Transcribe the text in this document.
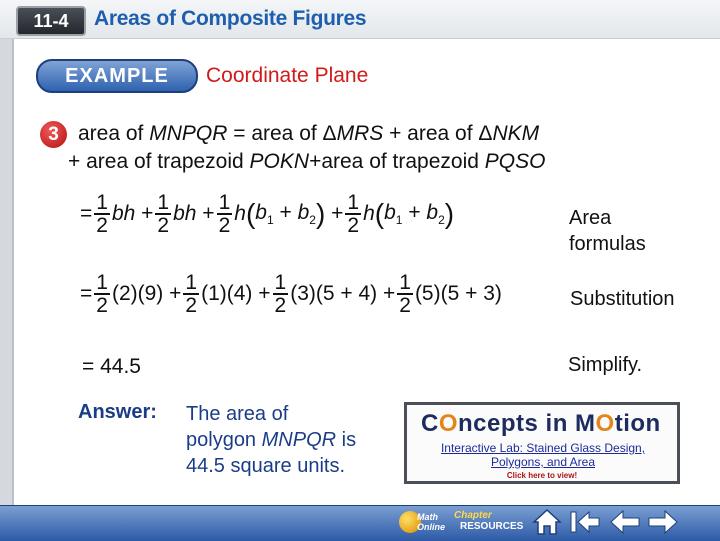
11-4	Areas of Composite Figures
EXAMPLE	Coordinate Plane
3 area of MNPQR = area of ΔMRS + area of ΔNKM
+ area of trapezoid POKN+area of trapezoid PQSO
= $\frac{1}{2}$ bh + $\frac{1}{2}$ bh + $\frac{1}{2}$ h ( $b_1 + b_2$ ) + $\frac{1}{2}$ h ( $b_1 + b_2$ )	Area
formulas
= $\frac{1}{2} (2)(9) + \frac{1}{2} (1)(4) + \frac{1}{2} (3)(5 + 4) + \frac{1}{2} (5)(5 + 3)$	Substitution
= 44.5	Simplify.
Answer: The area of
polygon MNPQR is
44.5 square units.
COncepts in MOtion
Interactive Lab: Stained Glass Design,
Polygons, and Area
Click here to view!
Math
Online
Chapter
RESOURCES
